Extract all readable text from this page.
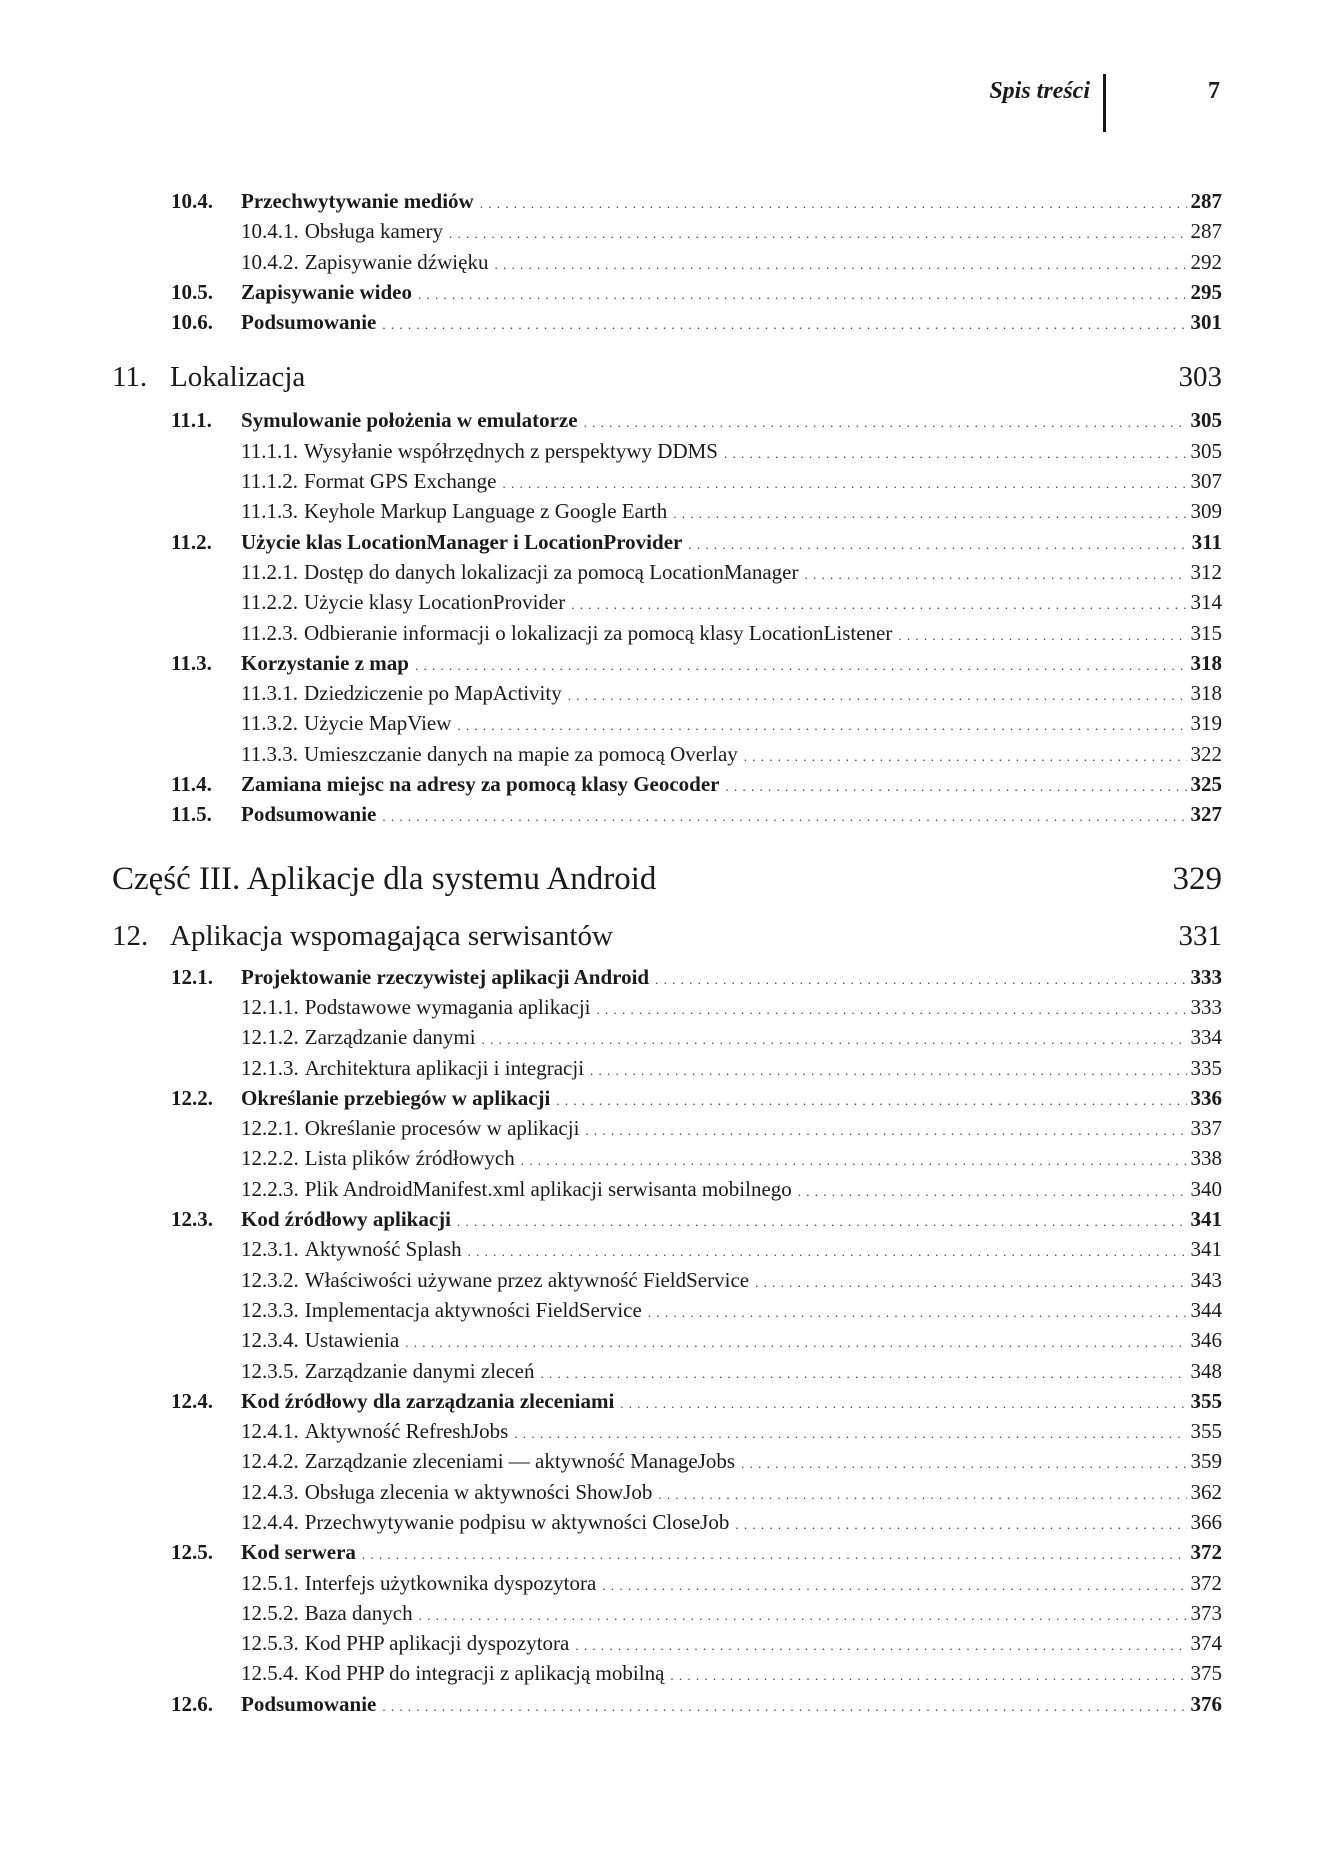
Spis treści	7
10.4.	Przechwytywanie mediów . . .	287
10.4.1. Obsługa kamery . . .	287
10.4.2. Zapisywanie dźwięku . . .	292
10.5.	Zapisywanie wideo . . .	295
10.6.	Podsumowanie . . .	301
11. Lokalizacja	303
11.1.	Symulowanie położenia w emulatorze . . .	305
11.1.1. Wysyłanie współrzędnych z perspektywy DDMS . . .	305
11.1.2. Format GPS Exchange . . .	307
11.1.3. Keyhole Markup Language z Google Earth . . .	309
11.2.	Użycie klas LocationManager i LocationProvider . . .	311
11.2.1. Dostęp do danych lokalizacji za pomocą LocationManager . . .	312
11.2.2. Użycie klasy LocationProvider . . .	314
11.2.3. Odbieranie informacji o lokalizacji za pomocą klasy LocationListener . . .	315
11.3.	Korzystanie z map . . .	318
11.3.1. Dziedziczenie po MapActivity . . .	318
11.3.2. Użycie MapView . . .	319
11.3.3. Umieszczanie danych na mapie za pomocą Overlay . . .	322
11.4.	Zamiana miejsc na adresy za pomocą klasy Geocoder . . .	325
11.5.	Podsumowanie . . .	327
Część III. Aplikacje dla systemu Android	329
12. Aplikacja wspomagająca serwisantów	331
12.1.	Projektowanie rzeczywistej aplikacji Android . . .	333
12.1.1. Podstawowe wymagania aplikacji . . .	333
12.1.2. Zarządzanie danymi . . .	334
12.1.3. Architektura aplikacji i integracji . . .	335
12.2.	Określanie przebiegów w aplikacji . . .	336
12.2.1. Określanie procesów w aplikacji . . .	337
12.2.2. Lista plików źródłowych . . .	338
12.2.3. Plik AndroidManifest.xml aplikacji serwisanta mobilnego . . .	340
12.3.	Kod źródłowy aplikacji . . .	341
12.3.1. Aktywność Splash . . .	341
12.3.2. Właściwości używane przez aktywność FieldService . . .	343
12.3.3. Implementacja aktywności FieldService . . .	344
12.3.4. Ustawienia . . .	346
12.3.5. Zarządzanie danymi zleceń . . .	348
12.4.	Kod źródłowy dla zarządzania zleceniami . . .	355
12.4.1. Aktywność RefreshJobs . . .	355
12.4.2. Zarządzanie zleceniami — aktywność ManageJobs . . .	359
12.4.3. Obsługa zlecenia w aktywności ShowJob . . .	362
12.4.4. Przechwytywanie podpisu w aktywności CloseJob . . .	366
12.5.	Kod serwera . . .	372
12.5.1. Interfejs użytkownika dyspozytora . . .	372
12.5.2. Baza danych . . .	373
12.5.3. Kod PHP aplikacji dyspozytora . . .	374
12.5.4. Kod PHP do integracji z aplikacją mobilną . . .	375
12.6.	Podsumowanie . . .	376
